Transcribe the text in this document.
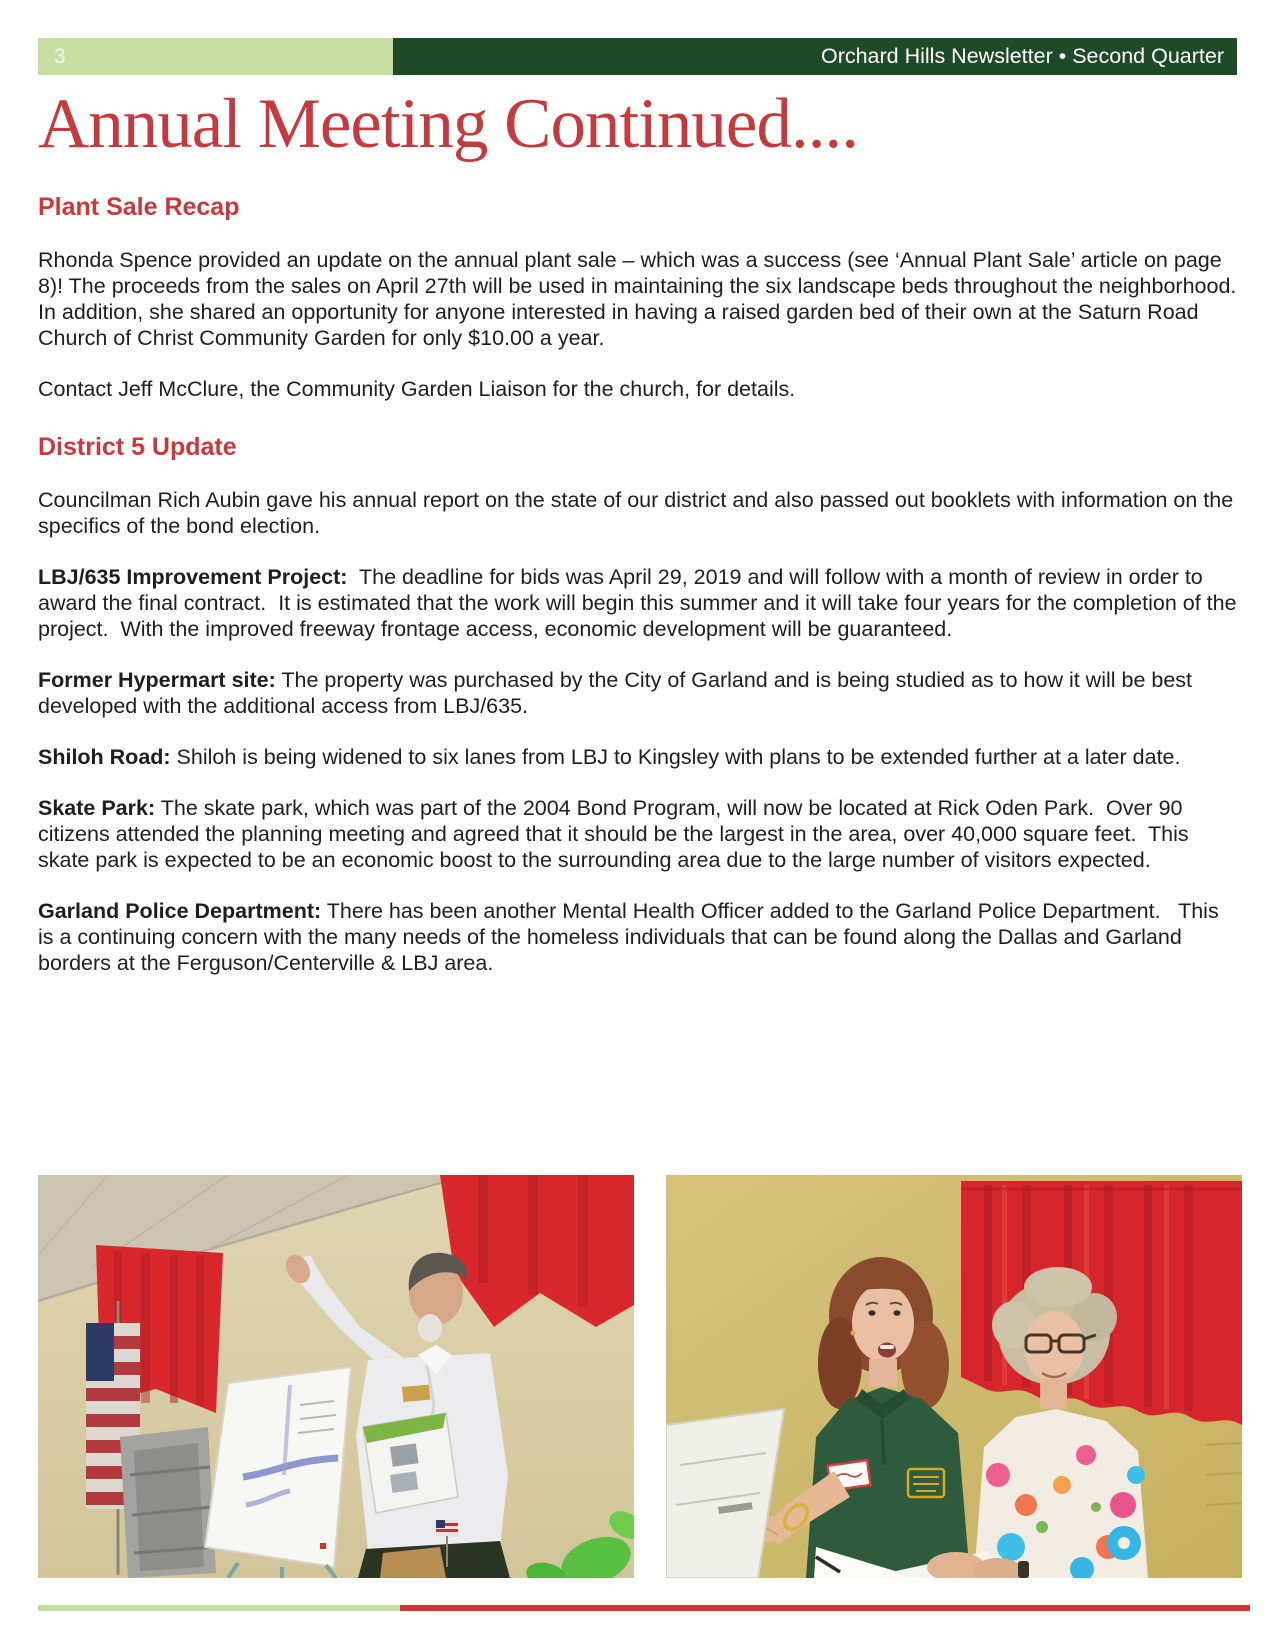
3	Orchard Hills Newsletter • Second Quarter
Annual Meeting Continued....
Plant Sale Recap

Rhonda Spence provided an update on the annual plant sale – which was a success (see ‘Annual Plant Sale’ article on page 8)! The proceeds from the sales on April 27th will be used in maintaining the six landscape beds throughout the neighborhood. In addition, she shared an opportunity for anyone interested in having a raised garden bed of their own at the Saturn Road Church of Christ Community Garden for only $10.00 a year.

Contact Jeff McClure, the Community Garden Liaison for the church, for details.

District 5 Update

Councilman Rich Aubin gave his annual report on the state of our district and also passed out booklets with information on the specifics of the bond election.

LBJ/635 Improvement Project:  The deadline for bids was April 29, 2019 and will follow with a month of review in order to award the final contract.  It is estimated that the work will begin this summer and it will take four years for the completion of the project.  With the improved freeway frontage access, economic development will be guaranteed.

Former Hypermart site: The property was purchased by the City of Garland and is being studied as to how it will be best developed with the additional access from LBJ/635.

Shiloh Road: Shiloh is being widened to six lanes from LBJ to Kingsley with plans to be extended further at a later date.

Skate Park: The skate park, which was part of the 2004 Bond Program, will now be located at Rick Oden Park.  Over 90 citizens attended the planning meeting and agreed that it should be the largest in the area, over 40,000 square feet.  This skate park is expected to be an economic boost to the surrounding area due to the large number of visitors expected.

Garland Police Department: There has been another Mental Health Officer added to the Garland Police Department.   This is a continuing concern with the many needs of the homeless individuals that can be found along the Dallas and Garland borders at the Ferguson/Centerville & LBJ area.
